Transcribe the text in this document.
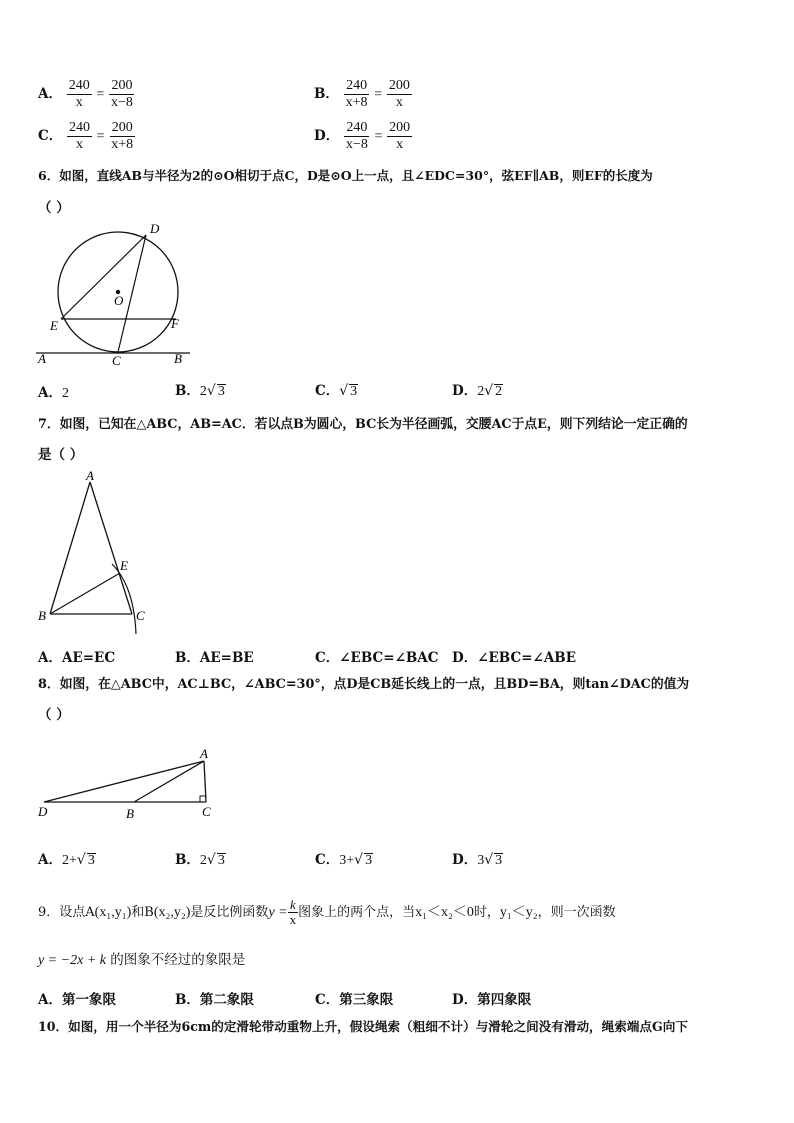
A． $\frac{240}{x} = \frac{200}{x-8}$	B． $\frac{240}{x+8} = \frac{200}{x}$
C． $\frac{240}{x} = \frac{200}{x+8}$	D． $\frac{240}{x-8} = \frac{200}{x}$
6．如图，直线AB与半径为2的⊙O相切于点C，D是⊙O上一点，且∠EDC=30°，弦EF∥AB，则EF的长度为
（ ）
D
O
E	F
A	C	B
A．2	B．2√ 3	C．√ 3	D．2√ 2
7．如图，已知在△ABC，AB=AC．若以点B为圆心，BC长为半径画弧，交腰AC于点E，则下列结论一定正确的
是（ ）
A
E
B	C
A．AE=EC	B．AE=BE	C．∠EBC=∠BAC D．∠EBC=∠ABE
8．如图，在△ABC中，AC⊥BC，∠ABC=30°，点D是CB延长线上的一点，且BD=BA，则tan∠DAC的值为
（ ）
A
D	B	C
A．2+√ 3	B．2√ 3	C．3+√ 3	D．3√ 3
9．设点A(x₁,y₁)和B(x₂,y₂)是反比例函数$y = \frac{k}{x}$ 图象上的两个点，当x₁＜x₂＜0时，y₁＜y₂，则一次函数
y = −2x + k 的图象不经过的象限是
A．第一象限	B．第二象限	C．第三象限	D．第四象限
10．如图，用一个半径为6cm的定滑轮带动重物上升，假设绳索（粗细不计）与滑轮之间没有滑动，绳索端点G向下
